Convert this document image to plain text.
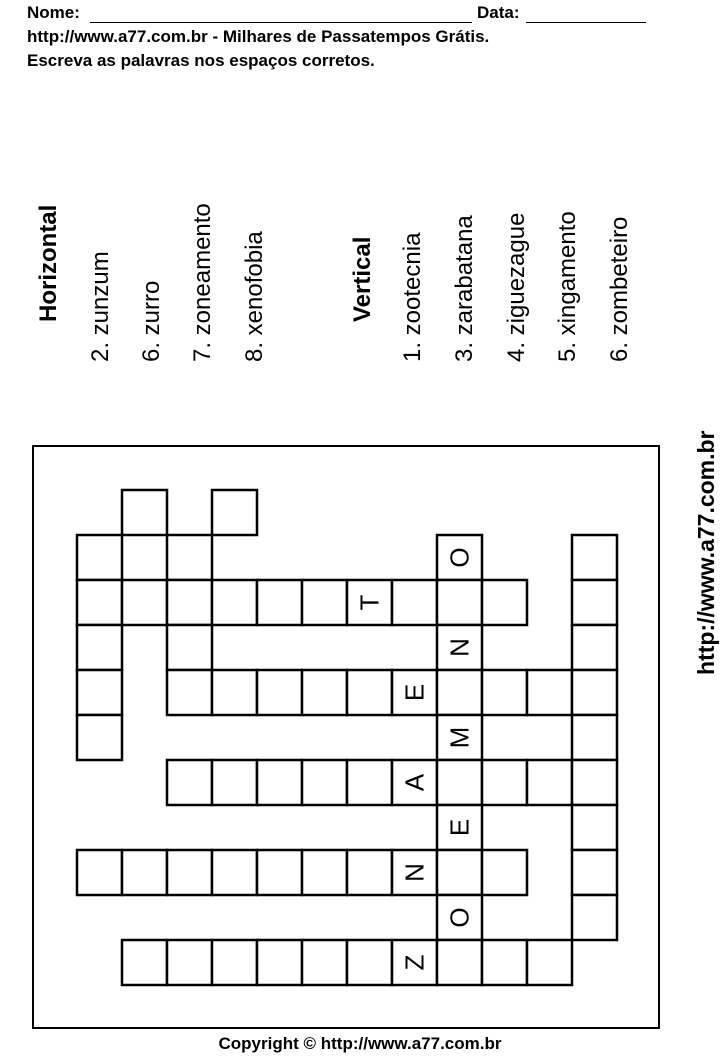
Nome:	Data:
http://www.a77.com.br - Milhares de Passatempos Grátis.
Escreva as palavras nos espaços corretos.
Horizontal 2. zunzum 6. zurro 7. zoneamento 8. xenofobia	Vertical 1. zootecnia 3. zarabatana 4. ziguezague 5. xingamento 6. zombeteiro
http://www.a77.com.br
Z
O
N
E
A
M
E
N
T
O
Copyright © http://www.a77.com.br
